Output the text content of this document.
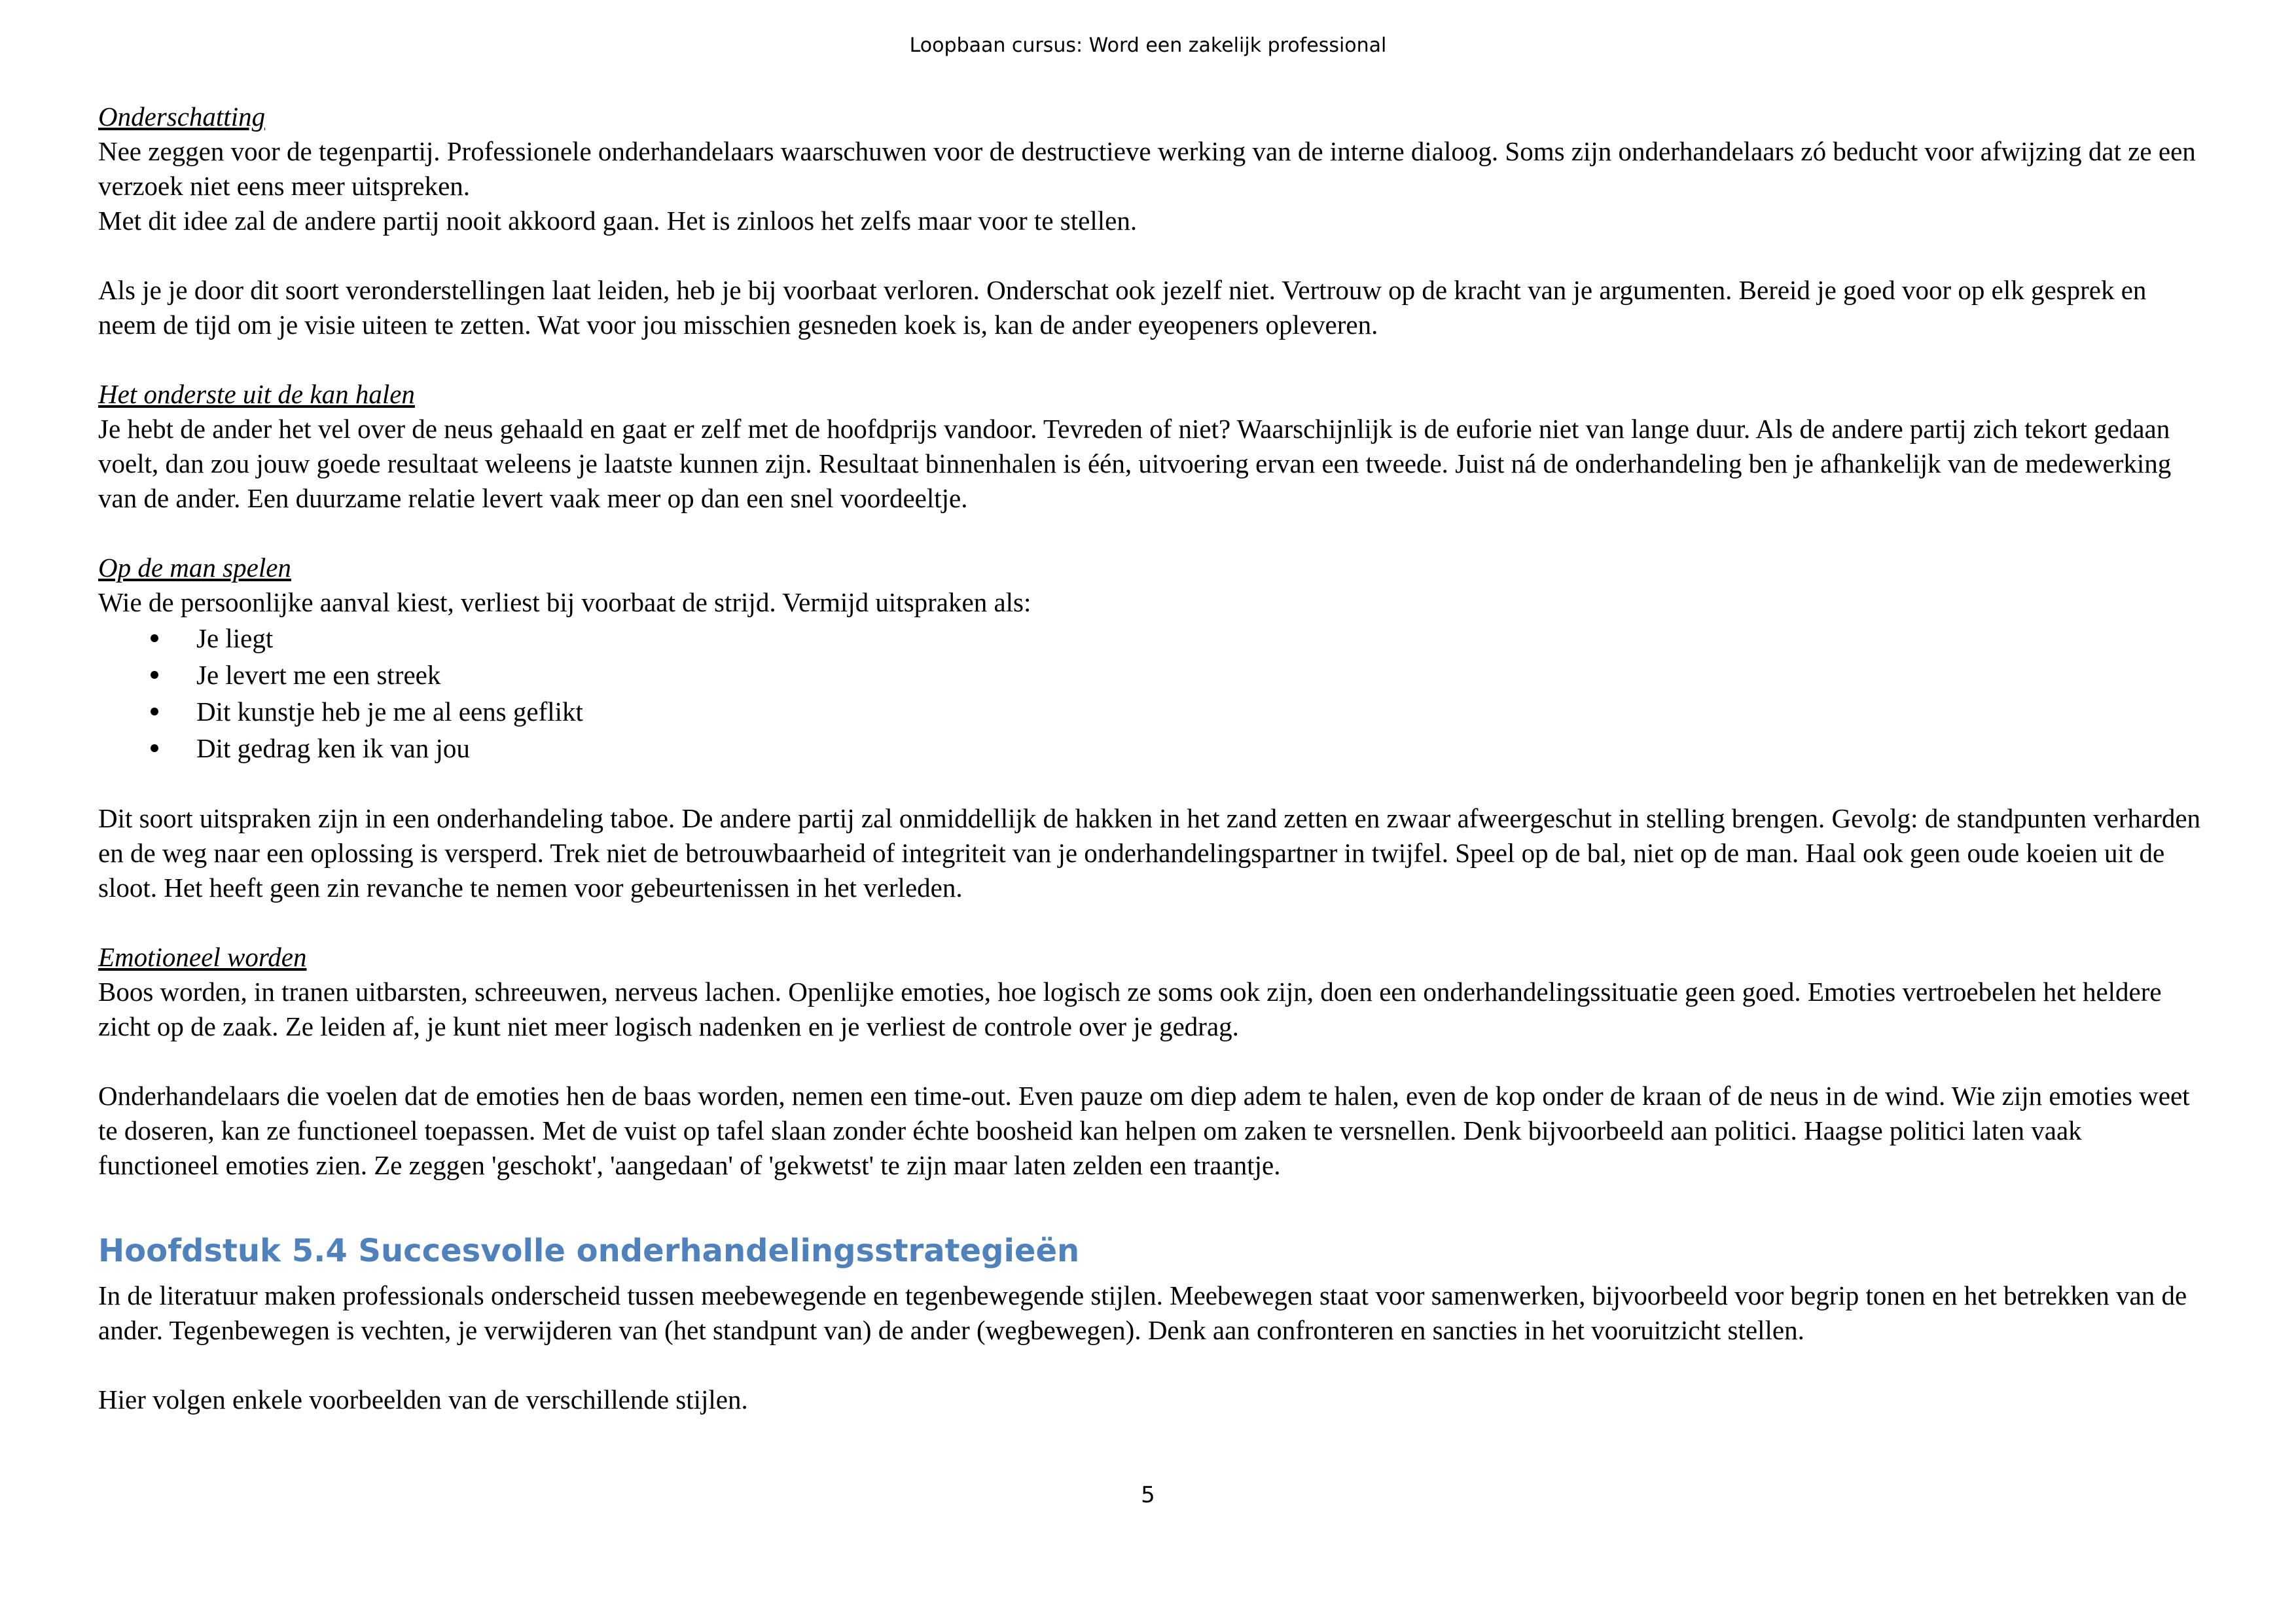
Loopbaan cursus: Word een zakelijk professional

Onderschatting

Nee zeggen voor de tegenpartij. Professionele onderhandelaars waarschuwen voor de destructieve werking van de interne dialoog. Soms zijn onderhandelaars zó beducht voor afwijzing dat ze een verzoek niet eens meer uitspreken.

Met dit idee zal de andere partij nooit akkoord gaan. Het is zinloos het zelfs maar voor te stellen.

Als je je door dit soort veronderstellingen laat leiden, heb je bij voorbaat verloren. Onderschat ook jezelf niet. Vertrouw op de kracht van je argumenten. Bereid je goed voor op elk gesprek en neem de tijd om je visie uiteen te zetten. Wat voor jou misschien gesneden koek is, kan de ander eyeopeners opleveren.

Het onderste uit de kan halen

Je hebt de ander het vel over de neus gehaald en gaat er zelf met de hoofdprijs vandoor. Tevreden of niet? Waarschijnlijk is de euforie niet van lange duur. Als de andere partij zich tekort gedaan voelt, dan zou jouw goede resultaat weleens je laatste kunnen zijn. Resultaat binnenhalen is één, uitvoering ervan een tweede. Juist ná de onderhandeling ben je afhankelijk van de medewerking van de ander. Een duurzame relatie levert vaak meer op dan een snel voordeeltje.

Op de man spelen

Wie de persoonlijke aanval kiest, verliest bij voorbaat de strijd. Vermijd uitspraken als:

Je liegt
Je levert me een streek
Dit kunstje heb je me al eens geflikt
Dit gedrag ken ik van jou

Dit soort uitspraken zijn in een onderhandeling taboe. De andere partij zal onmiddellijk de hakken in het zand zetten en zwaar afweergeschut in stelling brengen. Gevolg: de standpunten verharden en de weg naar een oplossing is versperd. Trek niet de betrouwbaarheid of integriteit van je onderhandelingspartner in twijfel. Speel op de bal, niet op de man. Haal ook geen oude koeien uit de sloot. Het heeft geen zin revanche te nemen voor gebeurtenissen in het verleden.

Emotioneel worden

Boos worden, in tranen uitbarsten, schreeuwen, nerveus lachen. Openlijke emoties, hoe logisch ze soms ook zijn, doen een onderhandelingssituatie geen goed. Emoties vertroebelen het heldere zicht op de zaak. Ze leiden af, je kunt niet meer logisch nadenken en je verliest de controle over je gedrag.

Onderhandelaars die voelen dat de emoties hen de baas worden, nemen een time-out. Even pauze om diep adem te halen, even de kop onder de kraan of de neus in de wind. Wie zijn emoties weet te doseren, kan ze functioneel toepassen. Met de vuist op tafel slaan zonder échte boosheid kan helpen om zaken te versnellen. Denk bijvoorbeeld aan politici. Haagse politici laten vaak functioneel emoties zien. Ze zeggen 'geschokt', 'aangedaan' of 'gekwetst' te zijn maar laten zelden een traantje.

Hoofdstuk 5.4 Succesvolle onderhandelingsstrategieën

In de literatuur maken professionals onderscheid tussen meebewegende en tegenbewegende stijlen. Meebewegen staat voor samenwerken, bijvoorbeeld voor begrip tonen en het betrekken van de ander. Tegenbewegen is vechten, je verwijderen van (het standpunt van) de ander (wegbewegen). Denk aan confronteren en sancties in het vooruitzicht stellen.

Hier volgen enkele voorbeelden van de verschillende stijlen.

5
